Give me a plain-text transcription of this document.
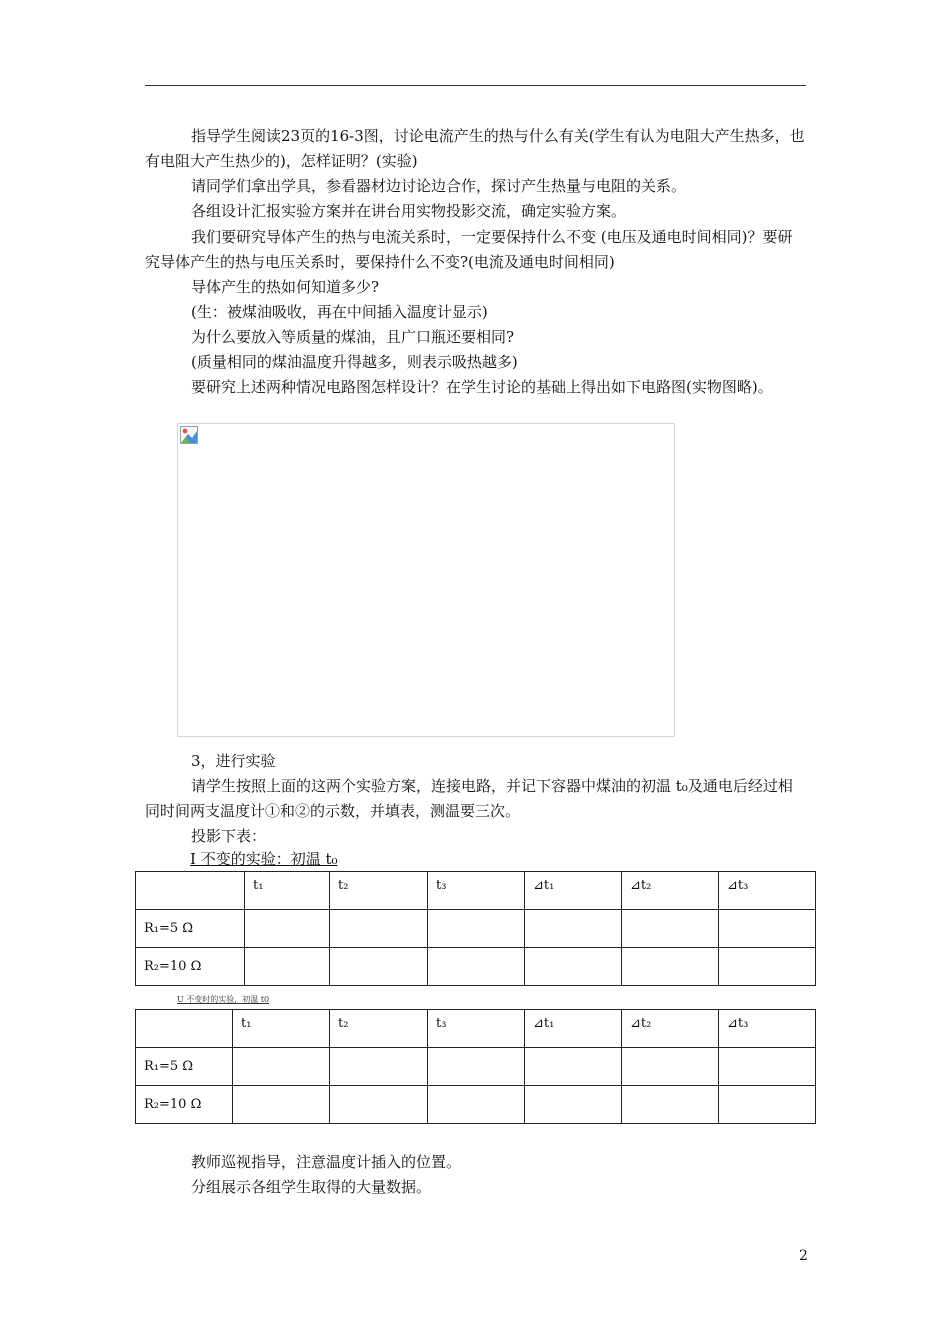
指导学生阅读23页的16-3图，讨论电流产生的热与什么有关(学生有认为电阻大产生热多，也有电阻大产生热少的)，怎样证明？(实验)

请同学们拿出学具，参看器材边讨论边合作，探讨产生热量与电阻的关系。

各组设计汇报实验方案并在讲台用实物投影交流，确定实验方案。

我们要研究导体产生的热与电流关系时，一定要保持什么不变 (电压及通电时间相同)？要研究导体产生的热与电压关系时，要保持什么不变?(电流及通电时间相同)

导体产生的热如何知道多少?

(生：被煤油吸收，再在中间插入温度计显示)

为什么要放入等质量的煤油，且广口瓶还要相同?

(质量相同的煤油温度升得越多，则表示吸热越多)

要研究上述两种情况电路图怎样设计？在学生讨论的基础上得出如下电路图(实物图略)。

3，进行实验

请学生按照上面的这两个实验方案，连接电路，并记下容器中煤油的初温 t₀及通电后经过相同时间两支温度计①和②的示数，并填表，测温要三次。

投影下表：

I 不变的实验：初温 t₀
	t₁	t₂	t₃	⊿t₁	⊿t₂	⊿t₃
R₁=5 Ω						
R₂=10 Ω						
U 不变时的实验，初温 t0
	t₁	t₂	t₃	⊿t₁	⊿t₂	⊿t₃
R₁=5 Ω						
R₂=10 Ω						

教师巡视指导，注意温度计插入的位置。

分组展示各组学生取得的大量数据。

2
